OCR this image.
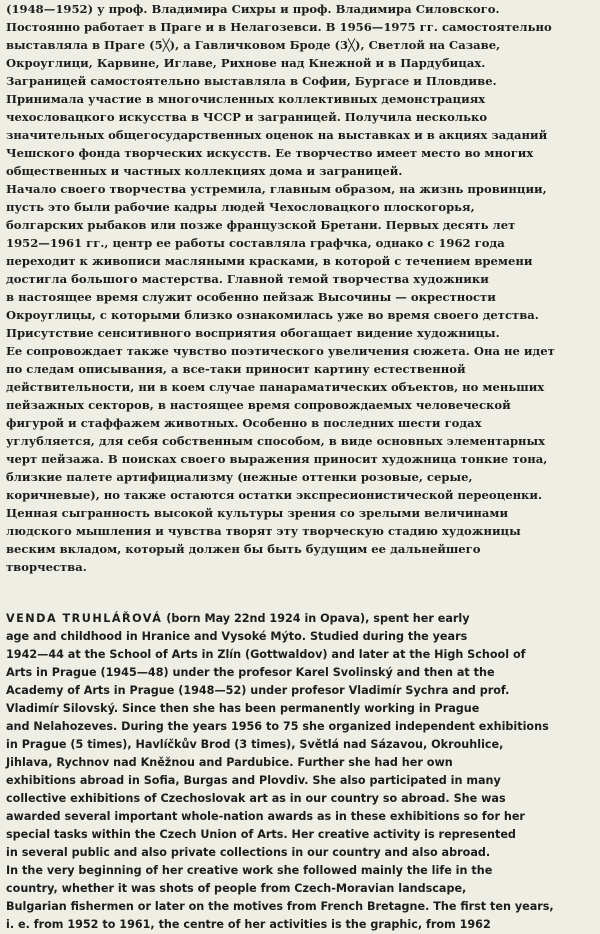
(1948—1952) у проф. Владимира Сихры и проф. Владимира Силовского.
Постоянно работает в Праге и в Нелагозевси. В 1956—1975 гг. самостоятельно
выставляла в Праге (5╳), а Гавличковом Броде (3╳), Светлой на Сазаве,
Окроуглици, Карвине, Иглаве, Рихнове над Кнежной и в Пардубицах.
Заграницей самостоятельно выставляла в Софии, Бургасе и Пловдиве.
Принимала участие в многочисленных коллективных демонстрациях
чехословацкого искусства в ЧССР и заграницей. Получила несколько
значительных общегосударственных оценок на выставках и в акциях заданий
Чешского фонда творческих искусств. Ее творчество имеет место во многих
общественных и частных коллекциях дома и заграницей.
Начало своего творчества устремила, главным образом, на жизнь провинции,
пусть это были рабочие кадры людей Чехословацкого плоскогорья,
болгарских рыбаков или позже французской Бретани. Первых десять лет
1952—1961 гг., центр ее работы составляла графчка, однако с 1962 года
переходит к живописи масляными красками, в которой с течением времени
достигла большого мастерства. Главной темой творчества художники
в настоящее время служит особенно пейзаж Высочины — окрестности
Окроуглицы, с которыми близко ознакомилась уже во время своего детства.
Присутствие сенситивного восприятия обогащает видение художницы.
Ее сопровождает также чувство поэтического увеличения сюжета. Она не идет
по следам описывания, а все-таки приносит картину естественной
действительности, ни в коем случае панараматических объектов, но меньших
пейзажных секторов, в настоящее время сопровождаемых человеческой
фигурой и стаффажем животных. Особенно в последних шести годах
углубляется, для себя собственным способом, в виде основных элементарных
черт пейзажа. В поисках своего выражения приносит художница тонкие тона,
близкие палете артифициализму (нежные оттенки розовые, серые,
коричневые), но также остаются остатки экспресионистической переоценки.
Ценная сыгранность высокой культуры зрения со зрелыми величинами
людского мышления и чувства творят эту творческую стадию художницы
веским вкладом, который должен бы быть будущим ее дальнейшего
творчества.
VENDA TRUHLÁŘOVÁ (born May 22nd 1924 in Opava), spent her early
age and childhood in Hranice and Vysoké Mýto. Studied during the years
1942—44 at the School of Arts in Zlín (Gottwaldov) and later at the High School of
Arts in Prague (1945—48) under the profesor Karel Svolinský and then at the
Academy of Arts in Prague (1948—52) under profesor Vladimír Sychra and prof.
Vladimír Silovský. Since then she has been permanently working in Prague
and Nelahozeves. During the years 1956 to 75 she organized independent exhibitions
in Prague (5 times), Havlíčkův Brod (3 times), Světlá nad Sázavou, Okrouhlice,
Jihlava, Rychnov nad Kněžnou and Pardubice. Further she had her own
exhibitions abroad in Sofia, Burgas and Plovdiv. She also participated in many
collective exhibitions of Czechoslovak art as in our country so abroad. She was
awarded several important whole-nation awards as in these exhibitions so for her
special tasks within the Czech Union of Arts. Her creative activity is represented
in several public and also private collections in our country and also abroad.
In the very beginning of her creative work she followed mainly the life in the
country, whether it was shots of people from Czech-Moravian landscape,
Bulgarian fishermen or later on the motives from French Bretagne. The first ten years,
i. e. from 1952 to 1961, the centre of her activities is the graphic, from 1962
